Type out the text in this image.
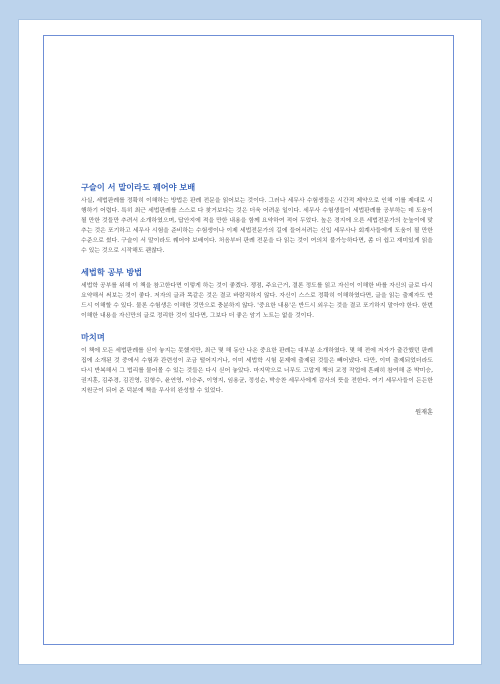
구슬이 서 말이라도 꿰어야 보배

사실, 세법판례를 정확히 이해하는 방법은 판례 전문을 읽어보는 것이다. 그러나 세무사 수험생들은 시간적 제약으로 인해 이를 제대로 시행하기 어렵다. 특히 최근 세법판례를 스스로 다 찾거보다는 것은 더욱 어려운 일이다. 세무사 수험생들이 세법판례를 공부하는 데 도움이 될 만한 것들만 추려서 소개하였으며, 답안지에 적을 만한 내용을 함께 요약하여 적어 두었다. 높은 경지에 오른 세법전문가의 눈높이에 맞추는 것은 포기하고 세무사 시험을 준비하는 수험생이나 이제 세법전문가의 길에 들어서려는 신입 세무사나 회계사들에게 도움이 될 만한 수준으로 썼다. 구슬이 서 말이라도 꿰어야 보배이다. 처음부터 판례 전문을 다 읽는 것이 여의치 불가능하다면, 좀 더 쉽고 재미있게 읽을 수 있는 것으로 시작해도 괜찮다.

세법학 공부 방법

세법학 공부를 위해 이 책을 참고한다면 이렇게 하는 것이 좋겠다. 쟁점, 주요근거, 결론 정도를 읽고 자신이 이해한 바를 자신의 글로 다시 요약해서 써보는 것이 좋다. 저자의 글과 똑같은 것은 결코 바람직하지 않다. 자신이 스스로 정확히 이해하였다면, 글을 읽는 출제자도 반드시 이해할 수 있다. 물론 수험생은 이해한 것만으로 충분하지 않다. '중요한 내용'은 반드시 외우는 것을 결코 포기하지 말아야 한다. 한번 이해한 내용을 자신만의 글로 정리한 것이 있다면, 그보다 더 좋은 암기 노트는 없을 것이다.

마치며

이 책에 모든 세법판례를 싣이 놓지는 못했지만, 최근 몇 해 동안 나온 중요한 판례는 대부분 소개하였다. 몇 해 전에 저자가 출간했던 판례집에 소개된 것 중에서 수험과 관련성이 조금 떨어지거나, 이미 세법학 시험 문제에 출제된 것들은 빼어냈다. 다만, 이미 출제되었더라도 다시 반복해서 그 법리를 물어볼 수 있는 것들은 다시 싣어 놓았다. 마지막으로 너무도 고맙게 책의 교정 작업에 흔쾌히 참여해 준 박미승, 권지훈, 김주경, 김진영, 김형수, 윤연영, 이승주, 이영지, 임용균, 정성순, 박승찬 세무사에게 감사의 뜻을 전한다. 여기 세무사들이 든든한 지원군이 되어 준 덕분에 책을 무사히 완성할 수 있었다.

원재훈
